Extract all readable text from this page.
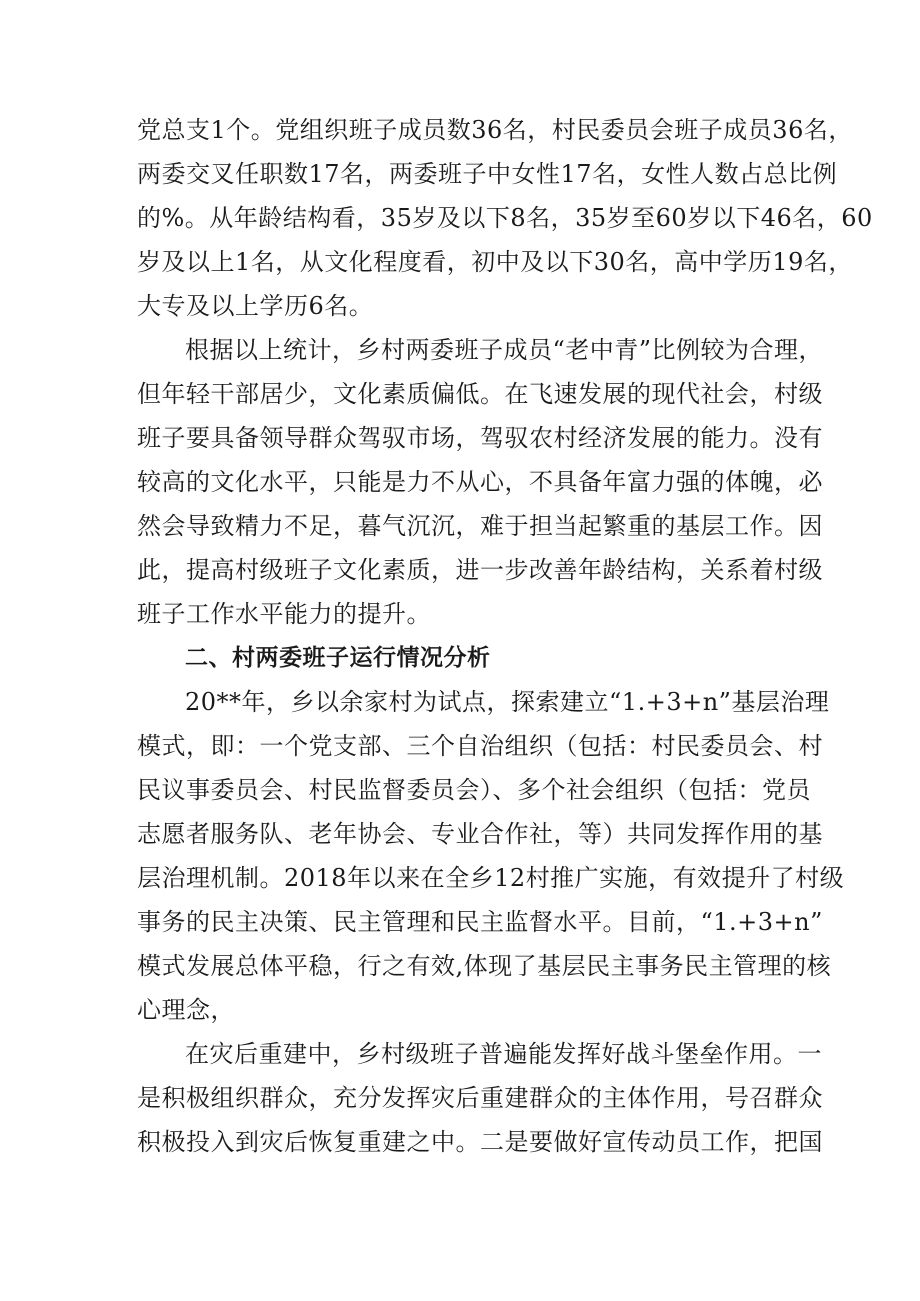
党总支1个。党组织班子成员数36名，村民委员会班子成员36名，
两委交叉任职数17名，两委班子中女性17名，女性人数占总比例
的%。从年龄结构看，35岁及以下8名，35岁至60岁以下46名，60
岁及以上1名，从文化程度看，初中及以下30名，高中学历19名，
大专及以上学历6名。
根据以上统计，乡村两委班子成员“老中青”比例较为合理，
但年轻干部居少，文化素质偏低。在飞速发展的现代社会，村级
班子要具备领导群众驾驭市场，驾驭农村经济发展的能力。没有
较高的文化水平，只能是力不从心，不具备年富力强的体魄，必
然会导致精力不足，暮气沉沉，难于担当起繁重的基层工作。因
此，提高村级班子文化素质，进一步改善年龄结构，关系着村级
班子工作水平能力的提升。
二、村两委班子运行情况分析
20**年，乡以余家村为试点，探索建立“1.+3+n”基层治理
模式，即：一个党支部、三个自治组织（包括：村民委员会、村
民议事委员会、村民监督委员会）、多个社会组织（包括：党员
志愿者服务队、老年协会、专业合作社，等）共同发挥作用的基
层治理机制。2018年以来在全乡12村推广实施，有效提升了村级
事务的民主决策、民主管理和民主监督水平。目前，“1.+3+n”
模式发展总体平稳，行之有效,体现了基层民主事务民主管理的核
心理念，
在灾后重建中，乡村级班子普遍能发挥好战斗堡垒作用。一
是积极组织群众，充分发挥灾后重建群众的主体作用，号召群众
积极投入到灾后恢复重建之中。二是要做好宣传动员工作，把国
